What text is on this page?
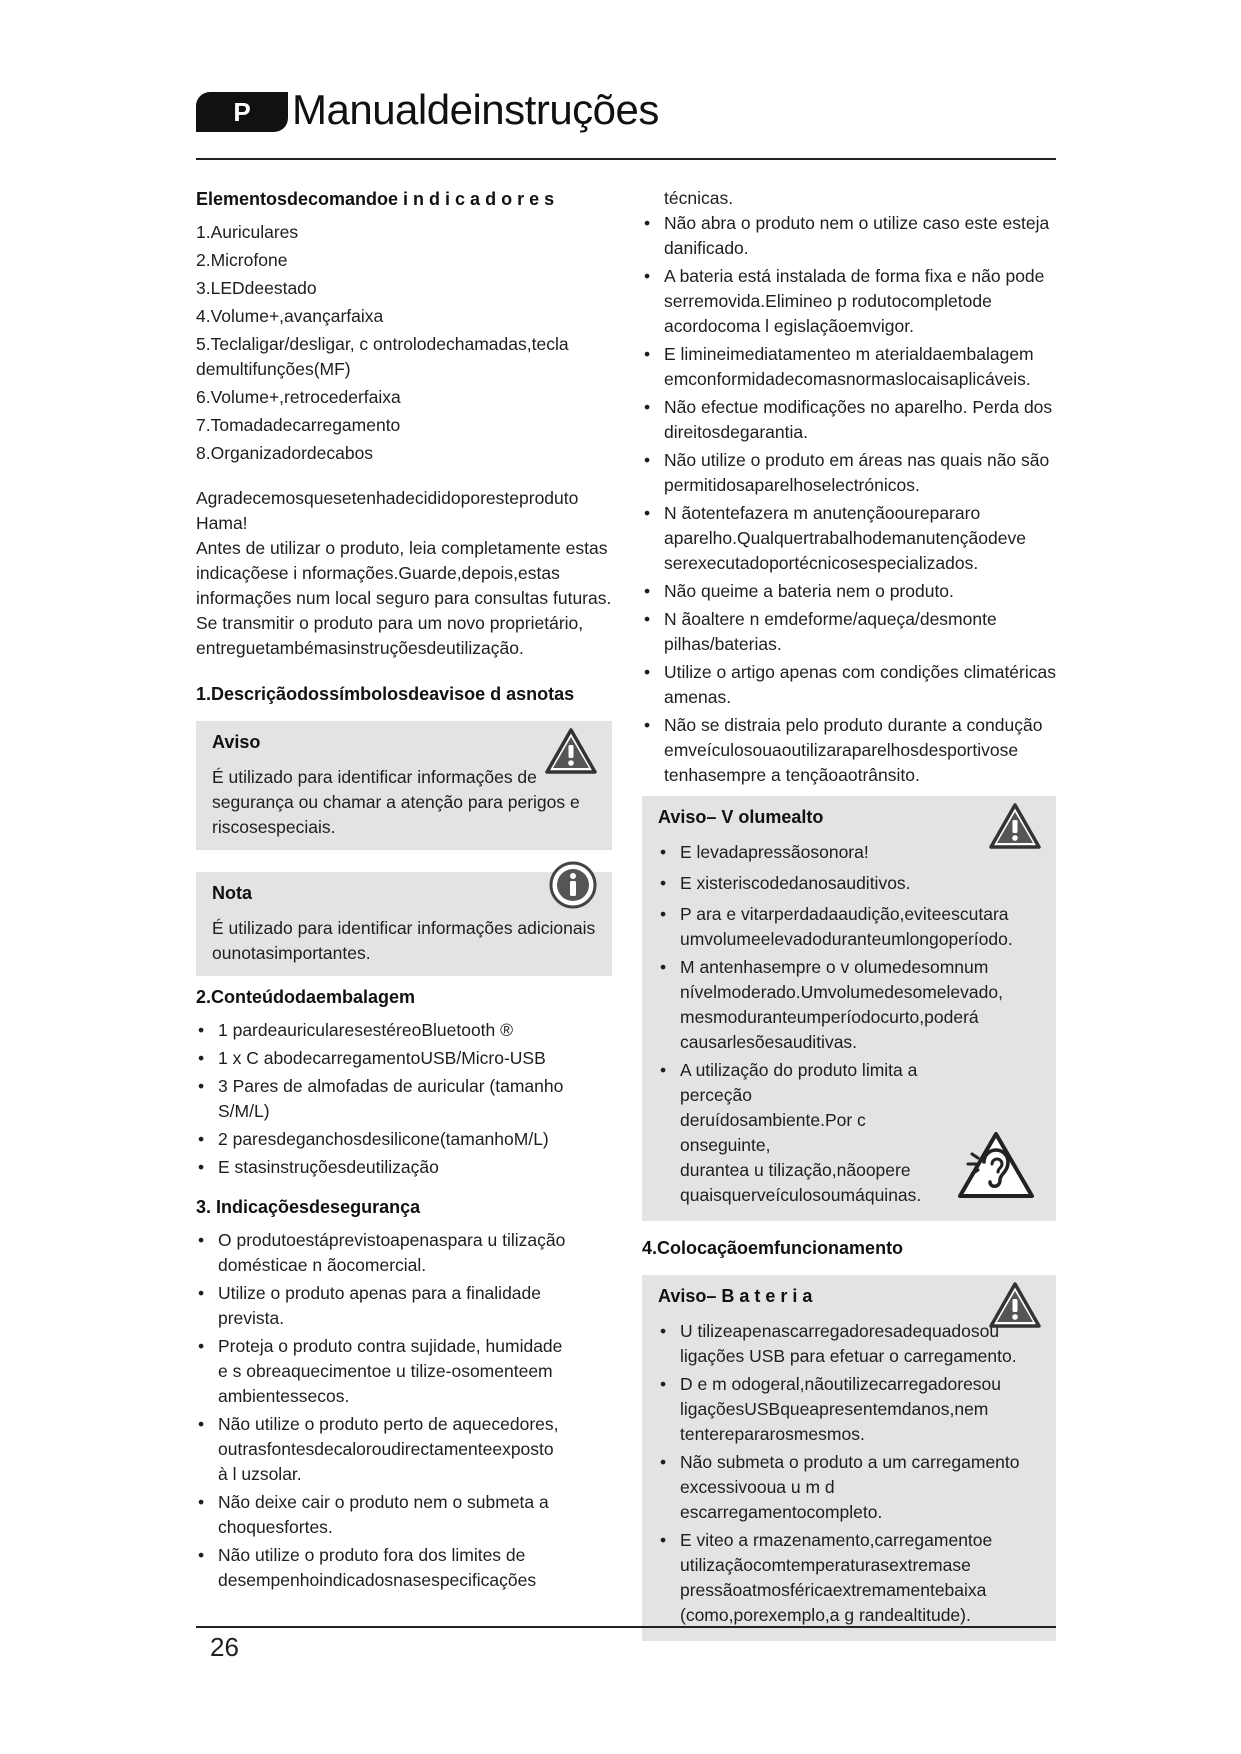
P Manualdeinstruções
Elementosdecomandoe i n d i c a d o r e s
1.Auriculares
2.Microfone
3.LEDdeestado
4.Volume+,avançarfaixa
5.Teclaligar/desligar, c ontrolodechamadas,tecla
demultifunções(MF)
6.Volume+,retrocederfaixa
7.Tomadadecarregamento
8.Organizadordecabos

Agradecemosquesetenhadecididoporesteproduto

Hama!

Antes de utilizar o produto, leia completamente estas

indicaçõese i nformações.Guarde,depois,estas

informações num local seguro para consultas futuras.

Se transmitir o produto para um novo proprietário,

entreguetambémasinstruçõesdeutilização.

1.Descriçãodossímbolosdeavisoe d asnotas
Aviso

É utilizado para identificar informações de

segurança ou chamar a atenção para perigos e

riscosespeciais.

Nota

É utilizado para identificar informações adicionais

ounotasimportantes.

2.Conteúdodaembalagem
• 1 pardeauricularesestéreoBluetooth ®
• 1 x C abodecarregamentoUSB/Micro-USB
• 3 Pares de almofadas de auricular (tamanho S/M/L)
• 2 paresdeganchosdesilicone(tamanhoM/L)
• E stasinstruçõesdeutilização
3. Indicaçõesdesegurança
• O produtoestáprevistoapenaspara u tilização
domésticae n ãocomercial.
• Utilize o produto apenas para a finalidade
prevista.
• Proteja o produto contra sujidade, humidade
e s obreaquecimentoe u tilize-osomenteem
ambientessecos.
• Não utilize o produto perto de aquecedores,
outrasfontesdecaloroudirectamenteexposto
à l uzsolar.
• Não deixe cair o produto nem o submeta a
choquesfortes.
• Não utilize o produto fora dos limites de
desempenhoindicadosnasespecificações

técnicas.

• Não abra o produto nem o utilize caso este esteja
danificado.
• A bateria está instalada de forma fixa e não pode
serremovida.Elimineo p rodutocompletode
acordocoma l egislaçãoemvigor.
• E limineimediatamenteo m aterialdaembalagem
emconformidadecomasnormaslocaisaplicáveis.
• Não efectue modificações no aparelho. Perda dos
direitosdegarantia.
• Não utilize o produto em áreas nas quais não são
permitidosaparelhoselectrónicos.
• N ãotentefazera m anutençãoourepararo
aparelho.Qualquertrabalhodemanutençãodeve
serexecutadoportécnicosespecializados.
• Não queime a bateria nem o produto.
• N ãoaltere n emdeforme/aqueça/desmonte
pilhas/baterias.
• Utilize o artigo apenas com condições climatéricas
amenas.
• Não se distraia pelo produto durante a condução
emveículosouaoutilizaraparelhosdesportivose
tenhasempre a tençãoaotrânsito.
Aviso– V olumealto
• E levadapressãosonora!
• E xisteriscodedanosauditivos.
• P ara e vitarperdadaaudição,eviteescutara
umvolumeelevadoduranteumlongoperíodo.
• M antenhasempre o v olumedesomnum
nívelmoderado.Umvolumedesomelevado,
mesmoduranteumperíodocurto,poderá
causarlesõesauditivas.
• A utilização do produto limita a perceção
deruídosambiente.Por c onseguinte,
durantea u tilização,nãoopere
quaisquerveículosoumáquinas.
4.Colocaçãoemfuncionamento
Aviso– B a t e r i a
• U tilizeapenascarregadoresadequadosou
ligações USB para efetuar o carregamento.
• D e m odogeral,nãoutilizecarregadoresou
ligaçõesUSBqueapresentemdanos,nem
tenterepararosmesmos.
• Não submeta o produto a um carregamento
excessivooua u m d escarregamentocompleto.
• E viteo a rmazenamento,carregamentoe
utilizaçãocomtemperaturasextremase
pressãoatmosféricaextremamentebaixa
(como,porexemplo,a g randealtitude).
26
